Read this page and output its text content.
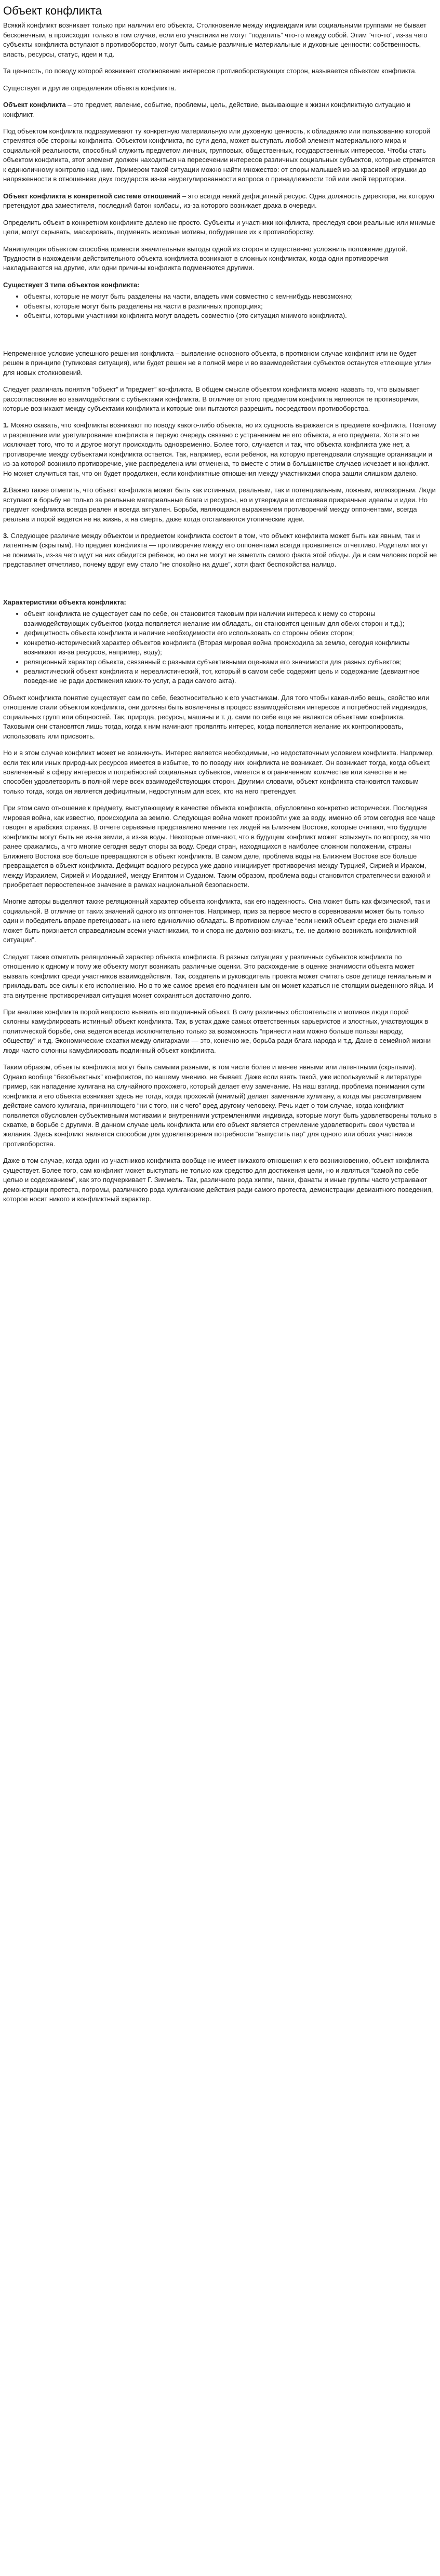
Объект конфликта

Всякий конфликт возникает только при наличии его объекта. Столкновение между индивидами или социальными группами не бывает бесконечным, а происходит только в том случае, если его участники не могут “поделить” что-то между собой. Этим “что-то”, из-за чего субъекты конфликта вступают в противоборство, могут быть самые различные материальные и духовные ценности: собственность, власть, ресурсы, статус, идеи и т.д.

Та ценность, по поводу которой возникает столкновение интересов противоборствующих сторон, называется объектом конфликта.

Существует и другие определения объекта конфликта.

Объект конфликта – это предмет, явление, событие, проблемы, цель, действие, вызывающие к жизни конфликтную ситуацию и конфликт.

Под объектом конфликта подразумевают ту конкретную материальную или духовную ценность, к обладанию или пользованию которой стремятся обе стороны конфликта. Объектом конфликта, по сути дела, может выступать любой элемент материального мира и социальной реальности, способный служить предметом личных, групповых, общественных, государственных интересов. Чтобы стать объектом конфликта, этот элемент должен находиться на пересечении интересов различных социальных субъектов, которые стремятся к единоличному контролю над ним. Примером такой ситуации можно найти множество: от споры малышей из-за красивой игрушки до напряженности в отношениях двух государств из-за неурегулированности вопроса о принадлежности той или иной территории.

Объект конфликта в конкретной системе отношений – это всегда некий дефицитный ресурс. Одна должность директора, на которую претендуют два заместителя, последний батон колбасы, из-за которого возникает драка в очереди.

Определить объект в конкретном конфликте далеко не просто. Субъекты и участники конфликта, преследуя свои реальные или мнимые цели, могут скрывать, маскировать, подменять искомые мотивы, побудившие их к противоборству.

Манипуляция объектом способна привести значительные выгоды одной из сторон и существенно усложнить положение другой. Трудности в нахождении действительного объекта конфликта возникают в сложных конфликтах, когда одни противоречия накладываются на другие, или одни причины конфликта подменяются другими.

Существует 3 типа объектов конфликта:
• объекты, которые не могут быть разделены на части, владеть ими совместно с кем-нибудь невозможно;
• объекты, которые могут быть разделены на части в различных пропорциях;
• объекты, которыми участники конфликта могут владеть совместно (это ситуация мнимого конфликта).

Непременное условие успешного решения конфликта – выявление основного объекта, в противном случае конфликт или не будет решен в принципе (тупиковая ситуация), или будет решен не в полной мере и во взаимодействии субъектов останутся «тлеющие угли» для новых столкновений.

Следует различать понятия “объект” и “предмет” конфликта. В общем смысле объектом конфликта можно назвать то, что вызывает рассогласование во взаимодействии с субъектами конфликта. В отличие от этого предметом конфликта являются те противоречия, которые возникают между субъектами конфликта и которые они пытаются разрешить посредством противоборства.

1. Можно сказать, что конфликты возникают по поводу какого-либо объекта, но их сущность выражается в предмете конфликта. Поэтому и разрешение или урегулирование конфликта в первую очередь связано с устранением не его объекта, а его предмета. Хотя это не исключает того, что то и другое могут происходить одновременно. Более того, случается и так, что объекта конфликта уже нет, а противоречие между субъектами конфликта остается. Так, например, если ребенок, на которую претендовали служащие организации и из-за которой возникло противоречие, уже распределена или отменена, то вместе с этим в большинстве случаев исчезает и конфликт. Но может случиться так, что он будет продолжен, если конфликтные отношения между участниками спора зашли слишком далеко.

2.Важно также отметить, что объект конфликта может быть как истинным, реальным, так и потенциальным, ложным, иллюзорным. Люди вступают в борьбу не только за реальные материальные блага и ресурсы, но и утверждая и отстаивая призрачные идеалы и идеи. Но предмет конфликта всегда реален и всегда актуален. Борьба, являющаяся выражением противоречий между оппонентами, всегда реальна и порой ведется не на жизнь, а на смерть, даже когда отстаиваются утопические идеи.

3. Следующее различие между объектом и предметом конфликта состоит в том, что объект конфликта может быть как явным, так и латентным (скрытым). Но предмет конфликта — противоречие между его оппонентами всегда проявляется отчетливо. Родители могут не понимать, из-за чего идут на них обидится ребенок, но они не могут не заметить самого факта этой обиды. Да и сам человек порой не представляет отчетливо, почему вдруг ему стало “не спокойно на душе”, хотя факт беспокойства налицо.

Характеристики объекта конфликта:
• объект конфликта не существует сам по себе, он становится таковым при наличии интереса к нему со стороны взаимодействующих субъектов (когда появляется желание им обладать, он становится ценным для обеих сторон и т.д.);
• дефицитность объекта конфликта и наличие необходимости его использовать со стороны обеих сторон;
• конкретно-исторический характер объектов конфликта (Вторая мировая война происходила за землю, сегодня конфликты возникают из-за ресурсов, например, воду);
• реляционный характер объекта, связанный с разными субъективными оценками его значимости для разных субъектов;
• реалистический объект конфликта и нереалистический, тот, который в самом себе содержит цель и содержание (девиантное поведение не ради достижения каких-то услуг, а ради самого акта).

Объект конфликта понятие существует сам по себе, безотносительно к его участникам. Для того чтобы какая-либо вещь, свойство или отношение стали объектом конфликта, они должны быть вовлечены в процесс взаимодействия интересов и потребностей индивидов, социальных групп или общностей. Так, природа, ресурсы, машины и т. д. сами по себе еще не являются объектами конфликта. Таковыми они становятся лишь тогда, когда к ним начинают проявлять интерес, когда появляется желание их контролировать, использовать или присвоить.

Но и в этом случае конфликт может не возникнуть. Интерес является необходимым, но недостаточным условием конфликта. Например, если тех или иных природных ресурсов имеется в избытке, то по поводу них конфликта не возникает. Он возникает тогда, когда объект, вовлеченный в сферу интересов и потребностей социальных субъектов, имеется в ограниченном количестве или качестве и не способен удовлетворить в полной мере всех взаимодействующих сторон. Другими словами, объект конфликта становится таковым только тогда, когда он является дефицитным, недоступным для всех, кто на него претендует.

При этом само отношение к предмету, выступающему в качестве объекта конфликта, обусловлено конкретно исторически. Последняя мировая война, как известно, происходила за землю. Следующая война может произойти уже за воду, именно об этом сегодня все чаще говорят в арабских странах. В отчете серьезные представлено мнение тех людей на Ближнем Востоке, которые считают, что будущие конфликты могут быть не из-за земли, а из-за воды. Некоторые отмечают, что в будущем конфликт может вспыхнуть по вопросу, за что ранее сражались, а что многие сегодня ведут споры за воду. Среди стран, находящихся в наиболее сложном положении, страны Ближнего Востока все больше превращаются в объект конфликта. В самом деле, проблема воды на Ближнем Востоке все больше превращается в объект конфликта. Дефицит водного ресурса уже давно инициирует противоречия между Турцией, Сирией и Ираком, между Израилем, Сирией и Иорданией, между Египтом и Суданом. Таким образом, проблема воды становится стратегически важной и приобретает первостепенное значение в рамках национальной безопасности.

Многие авторы выделяют также реляционный характер объекта конфликта, как его надежность. Она может быть как физической, так и социальной. В отличие от таких значений одного из оппонентов. Например, приз за первое место в соревновании может быть только один и победитель вправе претендовать на него единолично обладать. В противном случае “если некий объект среди его значений может быть признается справедливым всеми участниками, то и спора не должно возникать, т.е. не должно возникать конфликтной ситуации”.

Следует также отметить реляционный характер объекта конфликта. В разных ситуациях у различных субъектов конфликта по отношению к одному и тому же объекту могут возникать различные оценки. Это расхождение в оценке значимости объекта может вызвать конфликт среди участников взаимодействия. Так, создатель и руководитель проекта может считать свое детище гениальным и прикладывать все силы к его исполнению. Но в то же самое время его подчиненным он может казаться не стоящим выеденного яйца. И эта внутренне противоречивая ситуация может сохраняться достаточно долго.

При анализе конфликта порой непросто выявить его подлинный объект. В силу различных обстоятельств и мотивов люди порой склонны камуфлировать истинный объект конфликта. Так, в устах даже самых ответственных карьеристов и злостных, участвующих в политической борьбе, она ведется всегда исключительно только за возможность “принести нам можно больше пользы народу, обществу” и т.д. Экономические схватки между олигархами — это, конечно же, борьба ради блага народа и т.д. Даже в семейной жизни люди часто склонны камуфлировать подлинный объект конфликта.

Таким образом, объекты конфликта могут быть самыми разными, в том числе более и менее явными или латентными (скрытыми). Однако вообще “безобъектных” конфликтов, по нашему мнению, не бывает. Даже если взять такой, уже используемый в литературе пример, как нападение хулигана на случайного прохожего, который делает ему замечание. На наш взгляд, проблема понимания сути конфликта и его объекта возникает здесь не тогда, когда прохожий (мнимый) делает замечание хулигану, а когда мы рассматриваем действие самого хулигана, причиняющего “ни с того, ни с чего” вред другому человеку. Речь идет о том случае, когда конфликт появляется обусловлен субъективными мотивами и внутренними устремлениями индивида, которые могут быть удовлетворены только в схватке, в борьбе с другими. В данном случае цель конфликта или его объект является стремление удовлетворить свои чувства и желания. Здесь конфликт является способом для удовлетворения потребности “выпустить пар” для одного или обоих участников противоборства.

Даже в том случае, когда один из участников конфликта вообще не имеет никакого отношения к его возникновению, объект конфликта существует. Более того, сам конфликт может выступать не только как средство для достижения цели, но и являться “самой по себе целью и содержанием”, как это подчеркивает Г. Зиммель. Так, различного рода хиппи, панки, фанаты и иные группы часто устраивают демонстрации протеста, погромы, различного рода хулиганские действия ради самого протеста, демонстрации девиантного поведения, которое носит никого и конфликтный характер.
